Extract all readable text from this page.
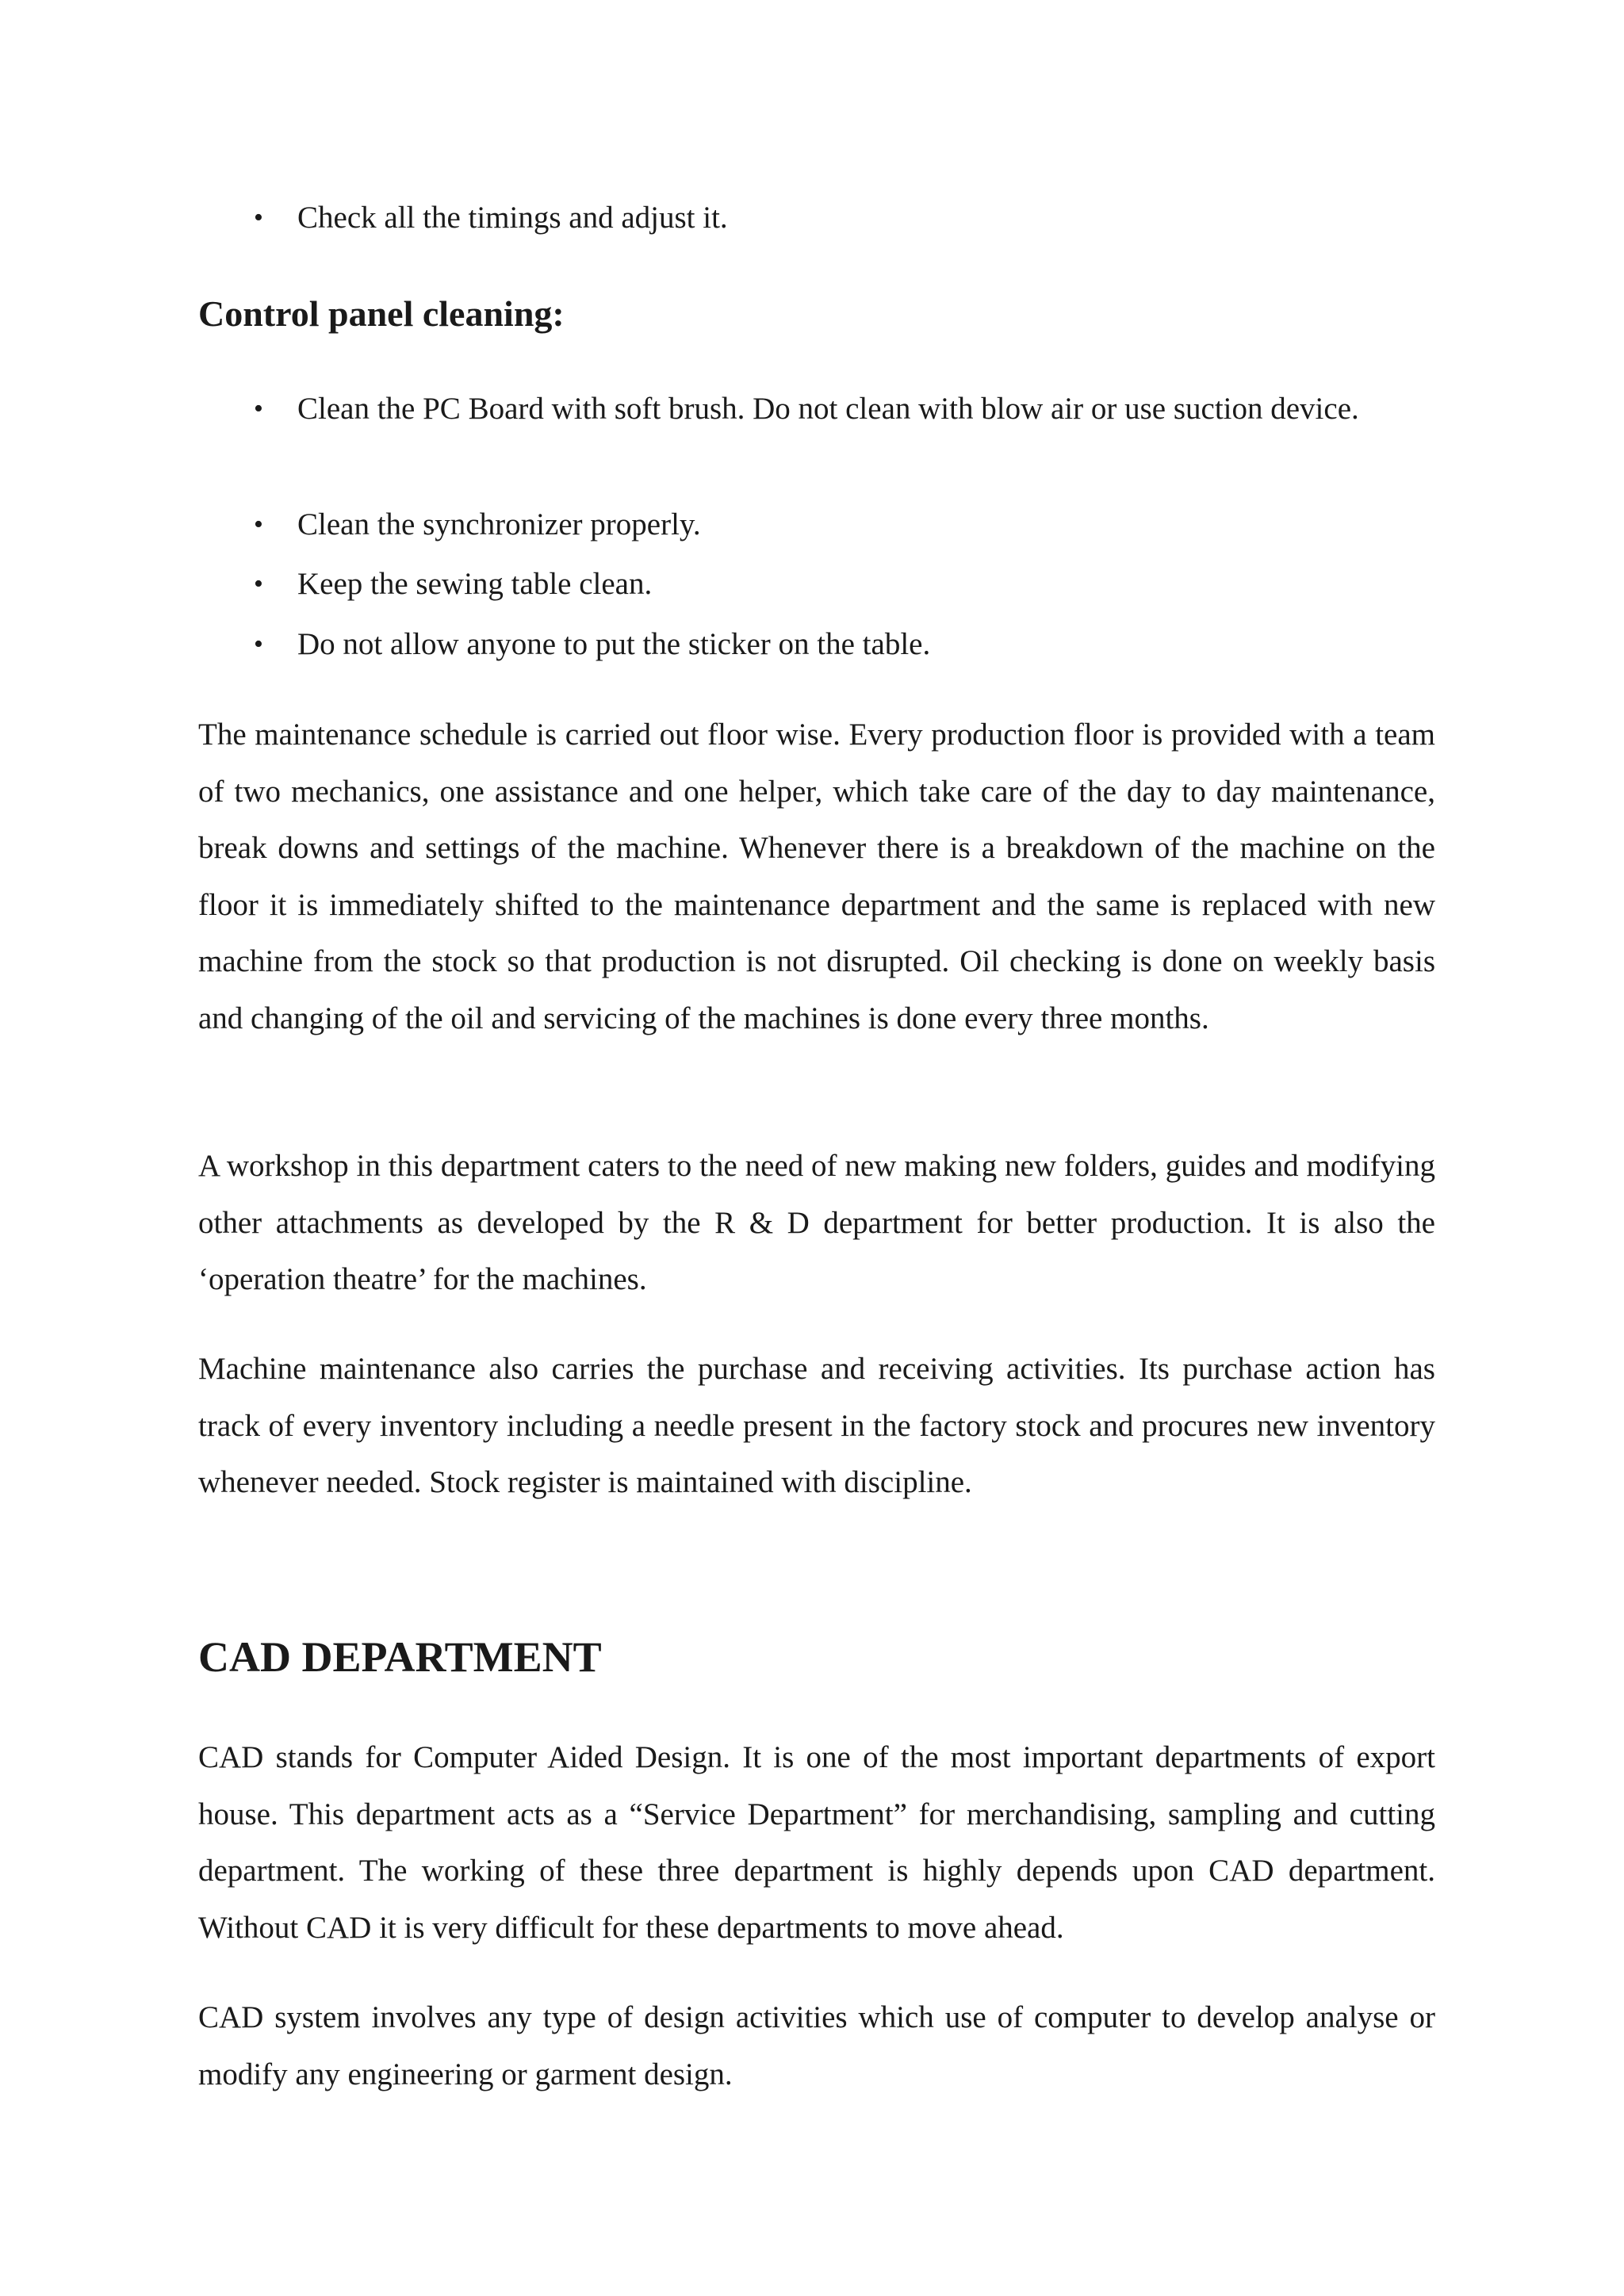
• Check all the timings and adjust it.
Control panel cleaning:
• Clean the PC Board with soft brush. Do not clean with blow air or use suction device.
• Clean the synchronizer properly.
• Keep the sewing table clean.
• Do not allow anyone to put the sticker on the table.

The maintenance schedule is carried out floor wise. Every production floor is provided with a team of two mechanics, one assistance and one helper, which take care of the day to day maintenance, break downs and settings of the machine. Whenever there is a breakdown of the machine on the floor it is immediately shifted to the maintenance department and the same is replaced with new machine from the stock so that production is not disrupted. Oil checking is done on weekly basis and changing of the oil and servicing of the machines is done every three months.

A workshop in this department caters to the need of new making new folders, guides and modifying other attachments as developed by the R & D department for better production. It is also the ‘operation theatre’ for the machines.

Machine maintenance also carries the purchase and receiving activities. Its purchase action has track of every inventory including a needle present in the factory stock and procures new inventory whenever needed. Stock register is maintained with discipline.

CAD DEPARTMENT

CAD stands for Computer Aided Design. It is one of the most important departments of export house. This department acts as a “Service Department” for merchandising, sampling and cutting department. The working of these three department is highly depends upon CAD department. Without CAD it is very difficult for these departments to move ahead.

CAD system involves any type of design activities which use of computer to develop analyse or modify any engineering or garment design.
